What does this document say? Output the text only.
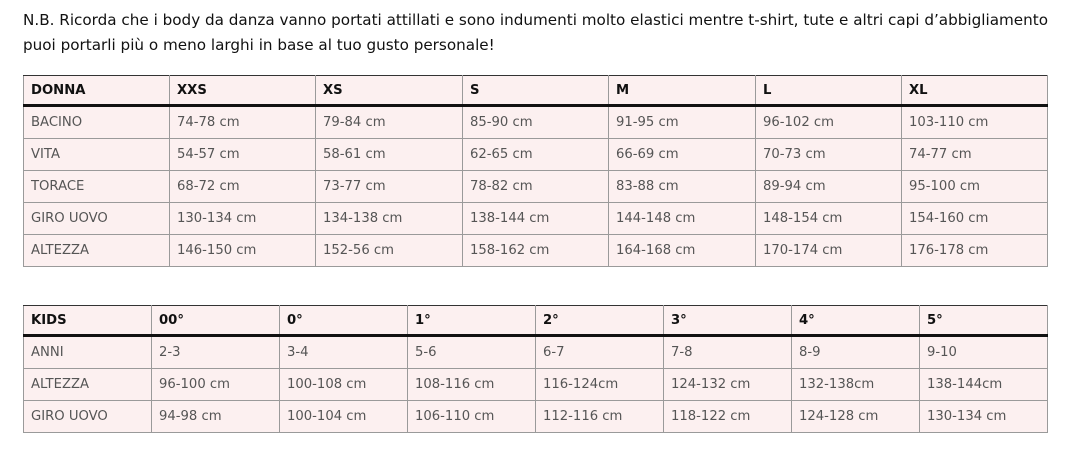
N.B. Ricorda che i body da danza vanno portati attillati e sono indumenti molto elastici mentre t-shirt, tute e altri capi d’abbigliamento puoi portarli più o meno larghi in base al tuo gusto personale!

DONNA	XXS	XS	S	M	L	XL
BACINO	74-78 cm	79-84 cm	85-90 cm	91-95 cm	96-102 cm	103-110 cm
VITA	54-57 cm	58-61 cm	62-65 cm	66-69 cm	70-73 cm	74-77 cm
TORACE	68-72 cm	73-77 cm	78-82 cm	83-88 cm	89-94 cm	95-100 cm
GIRO UOVO	130-134 cm	134-138 cm	138-144 cm	144-148 cm	148-154 cm	154-160 cm
ALTEZZA	146-150 cm	152-56 cm	158-162 cm	164-168 cm	170-174 cm	176-178 cm
KIDS	00°	0°	1°	2°	3°	4°	5°
ANNI	2-3	3-4	5-6	6-7	7-8	8-9	9-10
ALTEZZA	96-100 cm	100-108 cm	108-116 cm	116-124cm	124-132 cm	132-138cm	138-144cm
GIRO UOVO	94-98 cm	100-104 cm	106-110 cm	112-116 cm	118-122 cm	124-128 cm	130-134 cm
